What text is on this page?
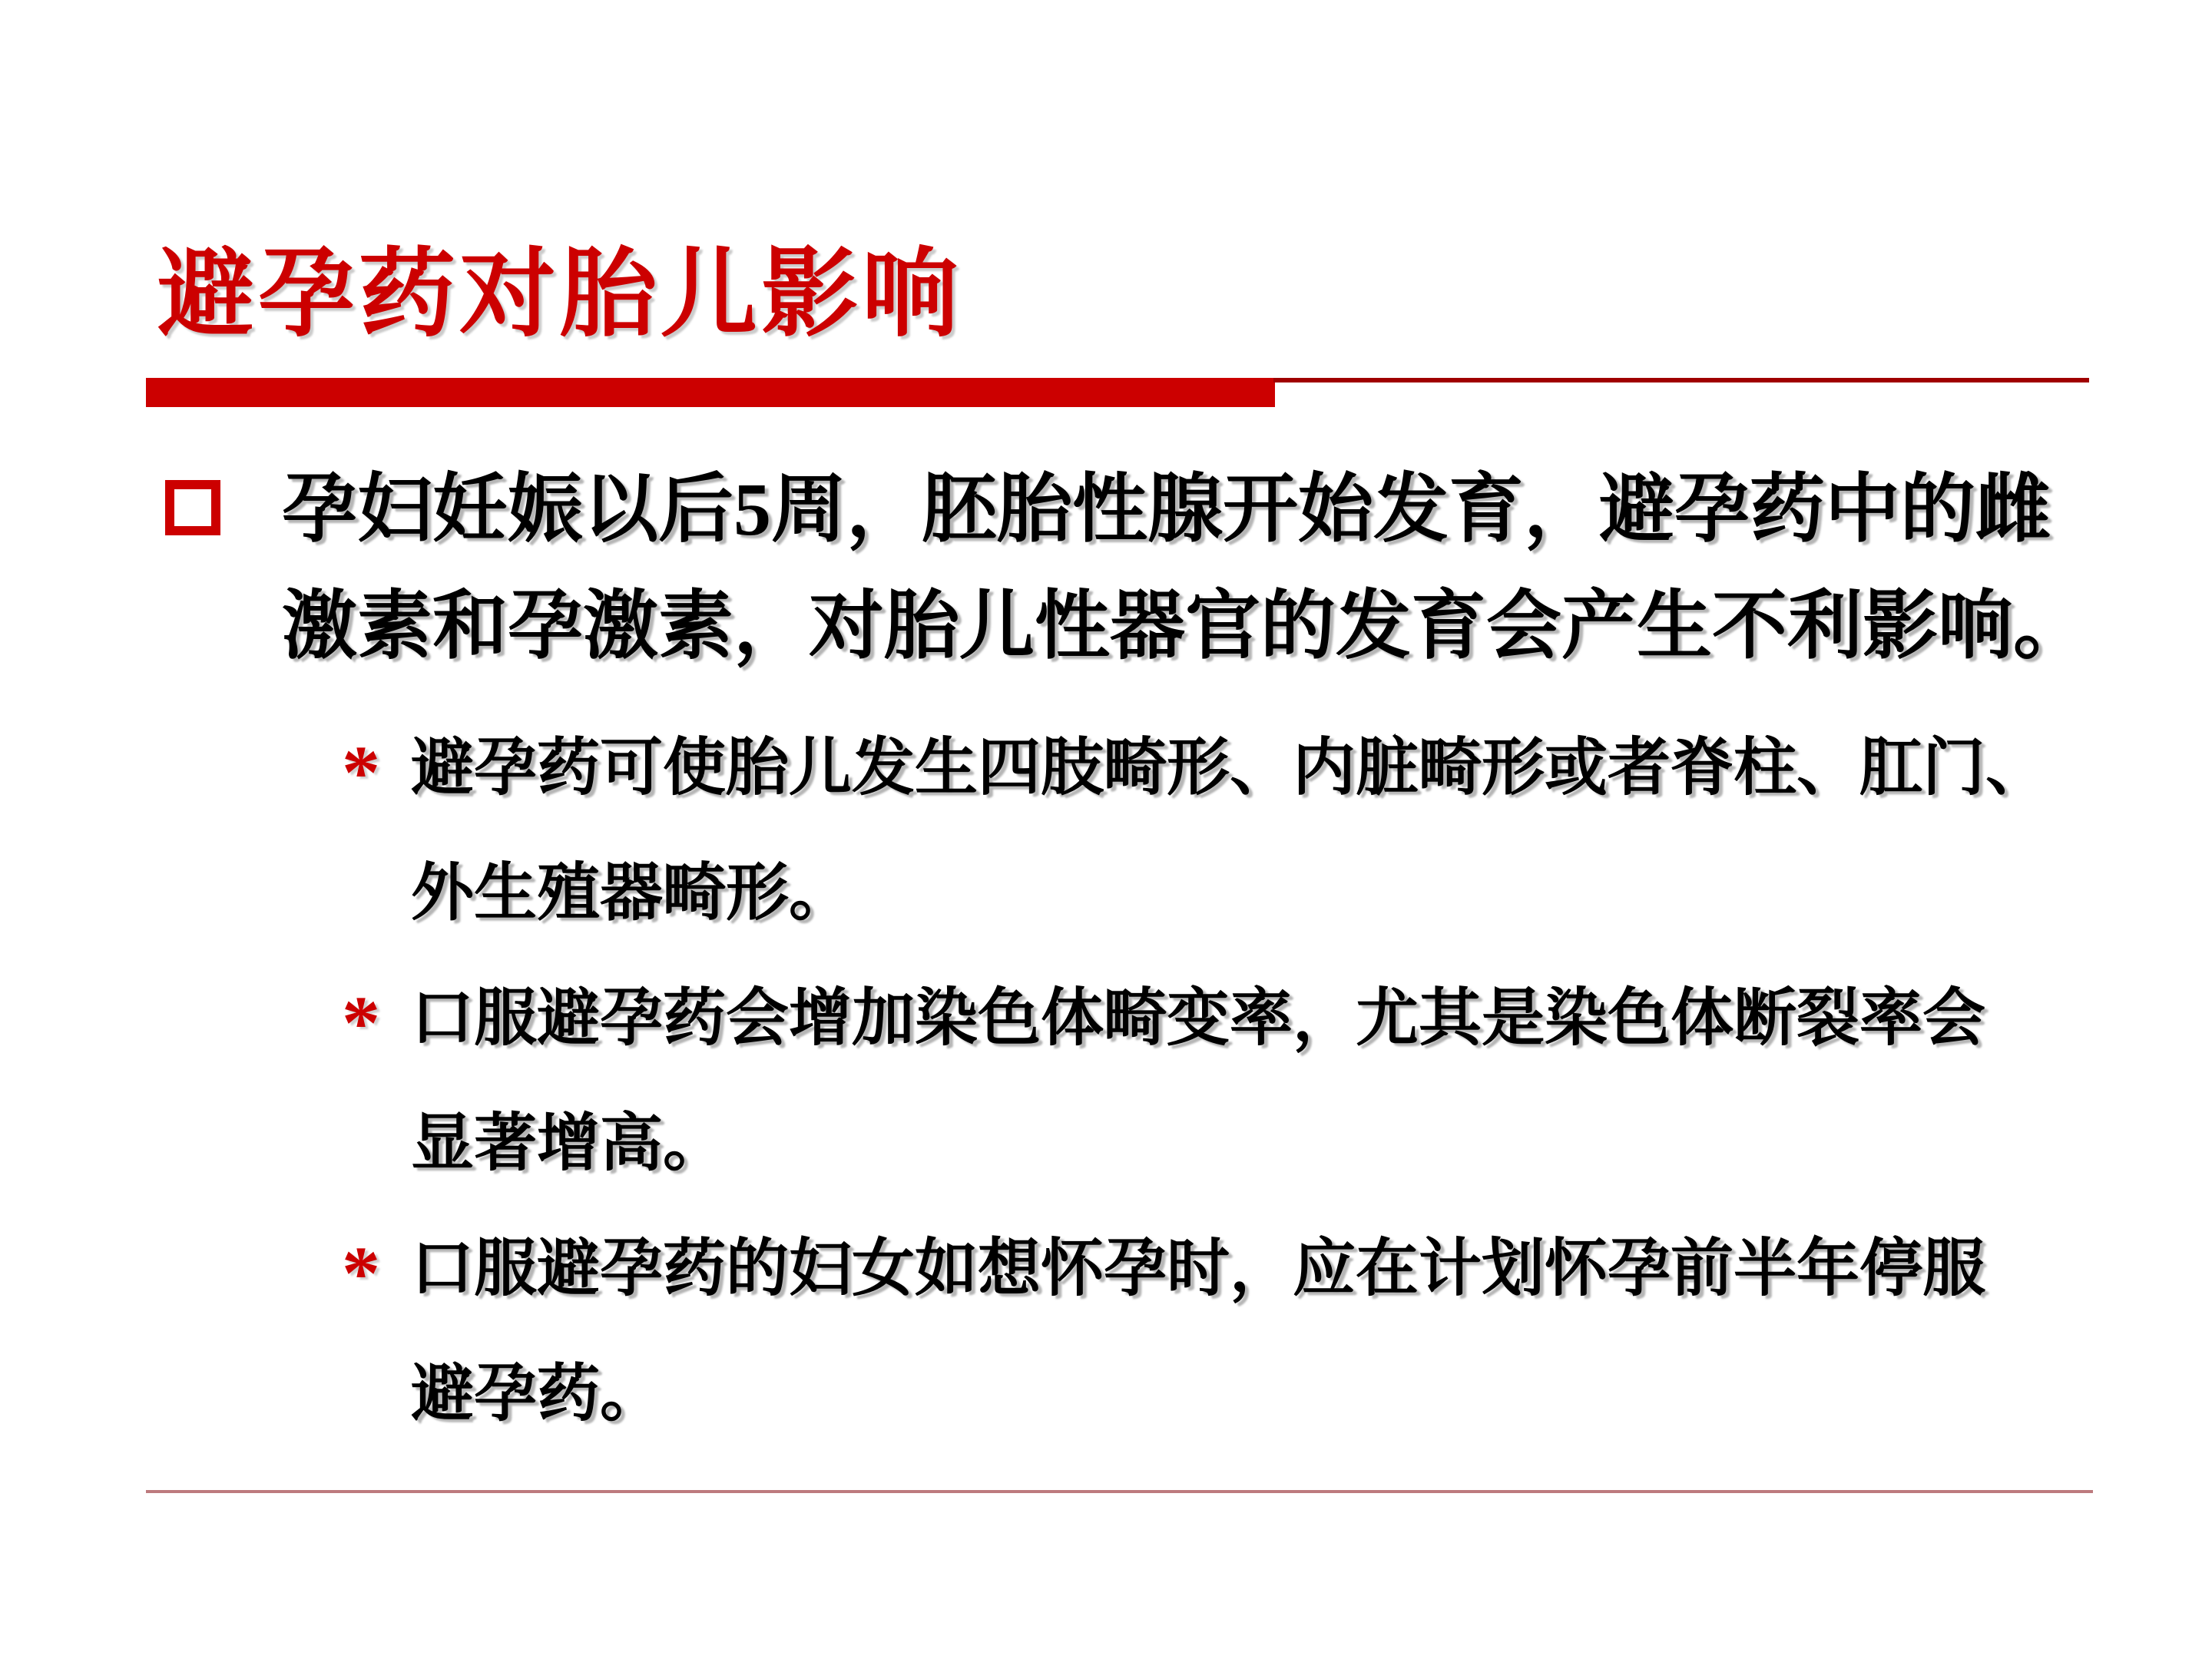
避孕药对胎儿影响
孕妇妊娠以后5周，胚胎性腺开始发育，避孕药中的雌
激素和孕激素，对胎儿性器官的发育会产生不利影响。
* 避孕药可使胎儿发生四肢畸形、内脏畸形或者脊柱、肛门、
外生殖器畸形。
* 口服避孕药会增加染色体畸变率，尤其是染色体断裂率会
显著增高。
* 口服避孕药的妇女如想怀孕时，应在计划怀孕前半年停服
避孕药。
